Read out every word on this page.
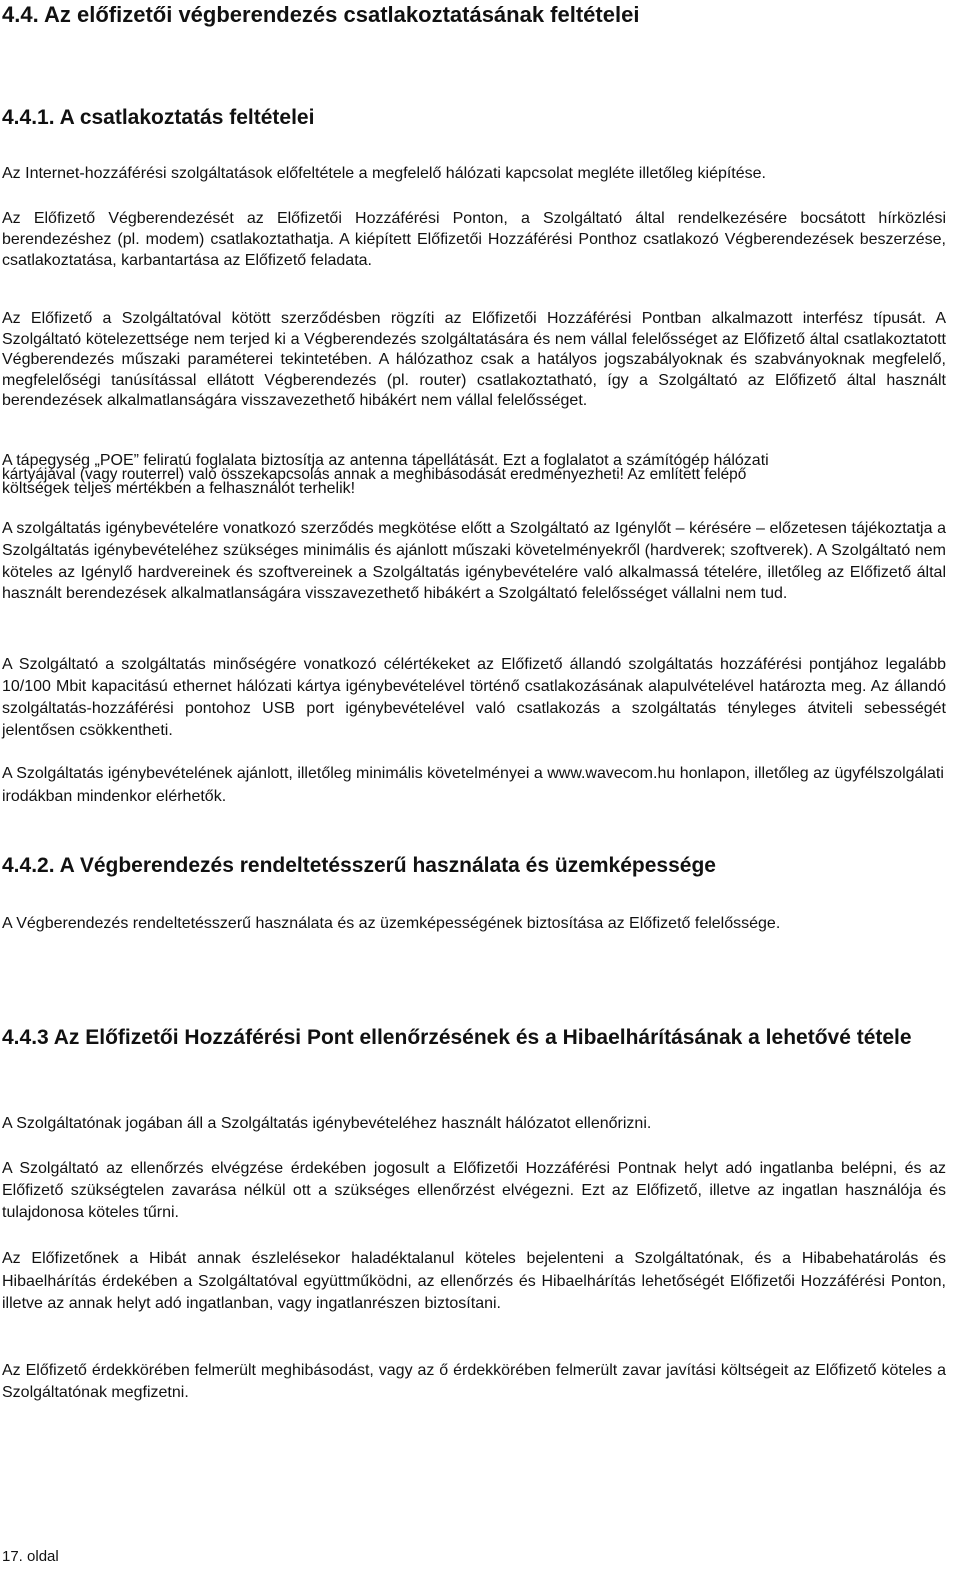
4.4. Az előfizetői végberendezés csatlakoztatásának feltételei
4.4.1. A csatlakoztatás feltételei
Az Internet-hozzáférési szolgáltatások előfeltétele a megfelelő hálózati kapcsolat megléte illetőleg kiépítése.
Az Előfizető Végberendezését az Előfizetői Hozzáférési Ponton, a Szolgáltató által rendelkezésére bocsátott hírközlési berendezéshez (pl. modem) csatlakoztathatja. A kiépített Előfizetői Hozzáférési Ponthoz csatlakozó Végberendezések beszerzése, csatlakoztatása, karbantartása az Előfizető feladata.
Az Előfizető a Szolgáltatóval kötött szerződésben rögzíti az Előfizetői Hozzáférési Pontban alkalmazott interfész típusát. A Szolgáltató kötelezettsége nem terjed ki a Végberendezés szolgáltatására és nem vállal felelősséget az Előfizető által csatlakoztatott Végberendezés műszaki paraméterei tekintetében. A hálózathoz csak a hatályos jogszabályoknak és szabványoknak megfelelő, megfelelőségi tanúsítással ellátott Végberendezés (pl. router) csatlakoztatható, így a Szolgáltató az Előfizető által használt berendezések alkalmatlanságára visszavezethető hibákért nem vállal felelősséget.
A tápegység „POE” feliratú foglalata biztosítja az antenna tápellátását. Ezt a foglalatot a számítógép hálózati
kártyájával (vagy routerrel) való összekapcsolás annak a meghibásodását eredményezheti! Az említett felépő
költségek teljes mértékben a felhasználót terhelik!
A szolgáltatás igénybevételére vonatkozó szerződés megkötése előtt a Szolgáltató az Igénylőt – kérésére – előzetesen tájékoztatja a Szolgáltatás igénybevételéhez szükséges minimális és ajánlott műszaki követelményekről (hardverek; szoftverek). A Szolgáltató nem köteles az Igénylő hardvereinek és szoftvereinek a Szolgáltatás igénybevételére való alkalmassá tételére, illetőleg az Előfizető által használt berendezések alkalmatlanságára visszavezethető hibákért a Szolgáltató felelősséget vállalni nem tud.
A Szolgáltató a szolgáltatás minőségére vonatkozó célértékeket az Előfizető állandó szolgáltatás hozzáférési pontjához legalább 10/100 Mbit kapacitású ethernet hálózati kártya igénybevételével történő csatlakozásának alapulvételével határozta meg. Az állandó szolgáltatás-hozzáférési pontohoz USB port igénybevételével való csatlakozás a szolgáltatás tényleges átviteli sebességét jelentősen csökkentheti.
A Szolgáltatás igénybevételének ajánlott, illetőleg minimális követelményei a www.wavecom.hu honlapon, illetőleg az ügyfélszolgálati irodákban mindenkor elérhetők.
4.4.2. A Végberendezés rendeltetésszerű használata és üzemképessége
A Végberendezés rendeltetésszerű használata és az üzemképességének biztosítása az Előfizető felelőssége.
4.4.3 Az Előfizetői Hozzáférési Pont ellenőrzésének és a Hibaelhárításának a lehetővé tétele
A Szolgáltatónak jogában áll a Szolgáltatás igénybevételéhez használt hálózatot ellenőrizni.
A Szolgáltató az ellenőrzés elvégzése érdekében jogosult a Előfizetői Hozzáférési Pontnak helyt adó ingatlanba belépni, és az Előfizető szükségtelen zavarása nélkül ott a szükséges ellenőrzést elvégezni. Ezt az Előfizető, illetve az ingatlan használója és tulajdonosa köteles tűrni.
Az Előfizetőnek a Hibát annak észlelésekor haladéktalanul köteles bejelenteni a Szolgáltatónak, és a Hibabehatárolás és Hibaelhárítás érdekében a Szolgáltatóval együttműködni, az ellenőrzés és Hibaelhárítás lehetőségét Előfizetői Hozzáférési Ponton, illetve az annak helyt adó ingatlanban, vagy ingatlanrészen biztosítani.
Az Előfizető érdekkörében felmerült meghibásodást, vagy az ő érdekkörében felmerült zavar javítási költségeit az Előfizető köteles a Szolgáltatónak megfizetni.
17. oldal
